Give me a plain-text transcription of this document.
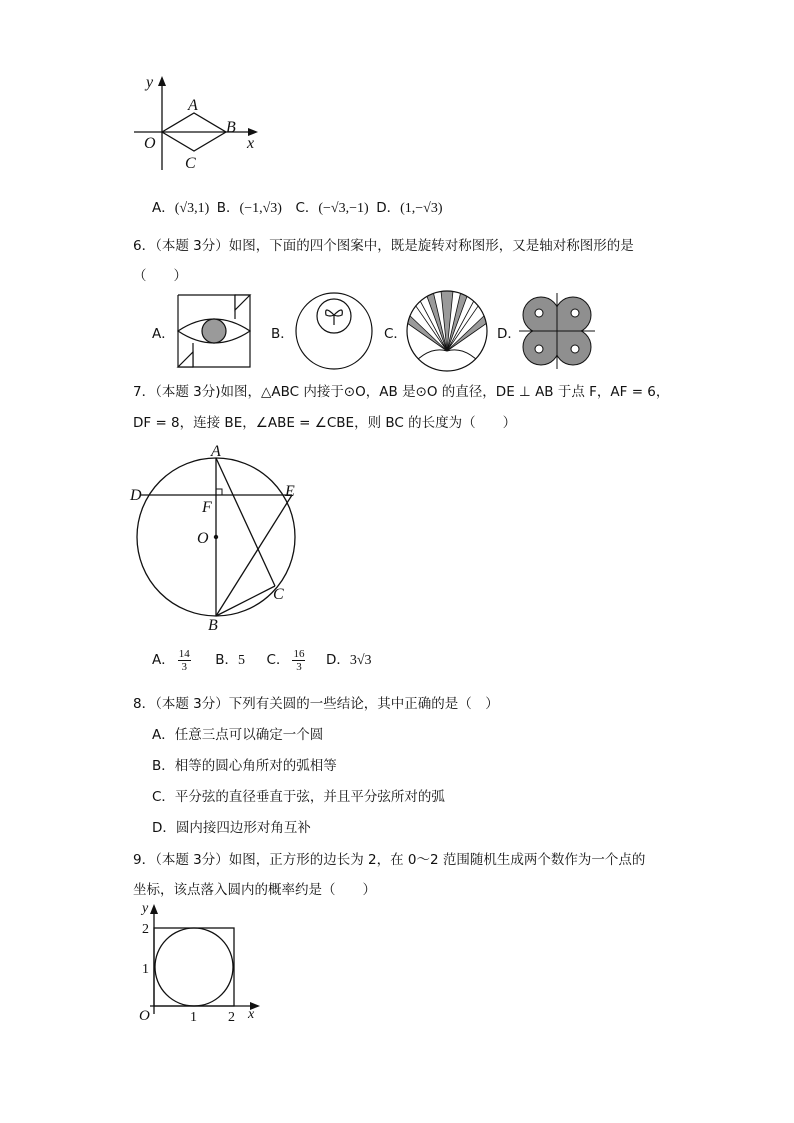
y
x
O
A
B
C
A．(√3,1) B．(−1,√3) C．(−√3,−1) D．(1,−√3)
6．（本题 3分）如图，下面的四个图案中，既是旋转对称图形，又是轴对称图形的是
（　　）
A．	B．	C．	D．
7．（本题 3分)如图，△ABC 内接于⊙O，AB 是⊙O 的直径，DE ⊥ AB 于点 F，AF = 6，
DF = 8，连接 BE，∠ABE = ∠CBE，则 BC 的长度为（　　）
A
D	E
F
O
C
B
A． $\frac{14}{3}$ B．5 C． $\frac{16}{3}$ D．3√3
8．（本题 3分）下列有关圆的一些结论，其中正确的是（　）
A．任意三点可以确定一个圆
B．相等的圆心角所对的弧相等
C．平分弦的直径垂直于弦，并且平分弦所对的弧
D．圆内接四边形对角互补
9．（本题 3分）如图，正方形的边长为 2，在 0～2 范围随机生成两个数作为一个点的
坐标，该点落入圆内的概率约是（　　）
y
x
O
2
1
1 2
